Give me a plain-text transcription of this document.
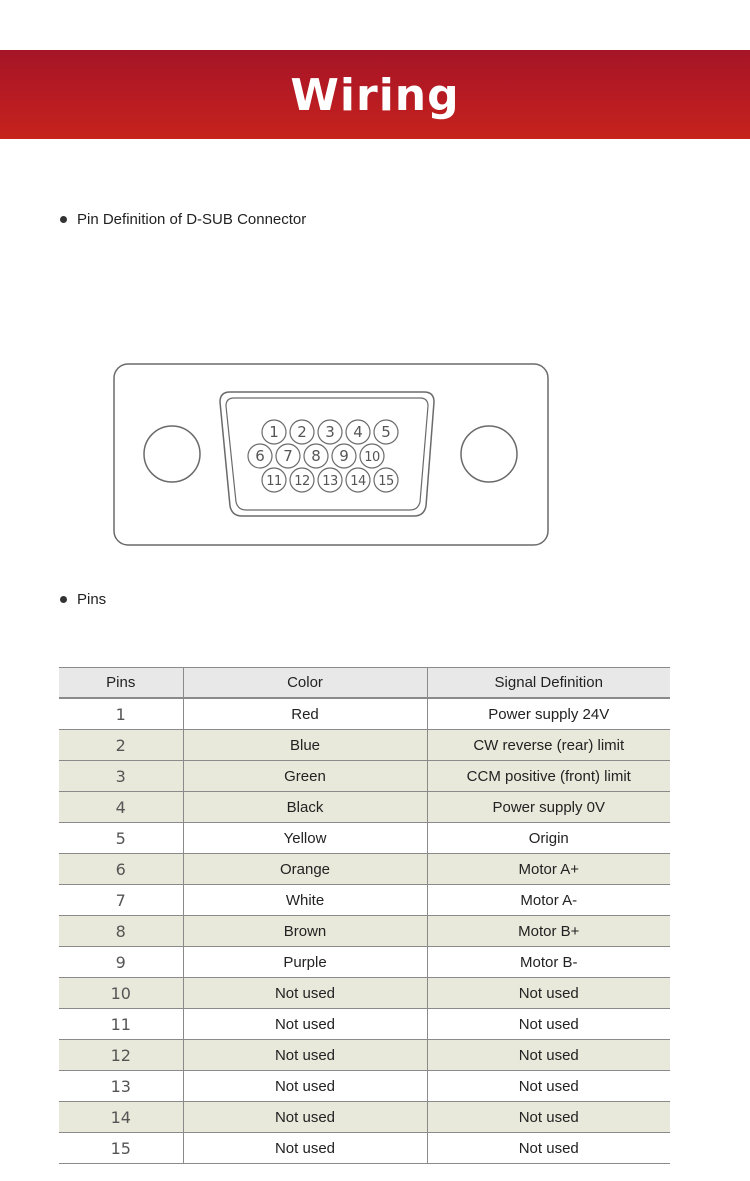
Wiring
Pin Definition of D-SUB Connector
1 2 3 4 5
6 7 8 9 10
11 12 13 14 15
Pins
Pins	Color	Signal Definition
1	Red	Power supply 24V
2	Blue	CW reverse (rear) limit
3	Green	CCM positive (front) limit
4	Black	Power supply 0V
5	Yellow	Origin
6	Orange	Motor A+
7	White	Motor A-
8	Brown	Motor B+
9	Purple	Motor B-
10	Not used	Not used
11	Not used	Not used
12	Not used	Not used
13	Not used	Not used
14	Not used	Not used
15	Not used	Not used
